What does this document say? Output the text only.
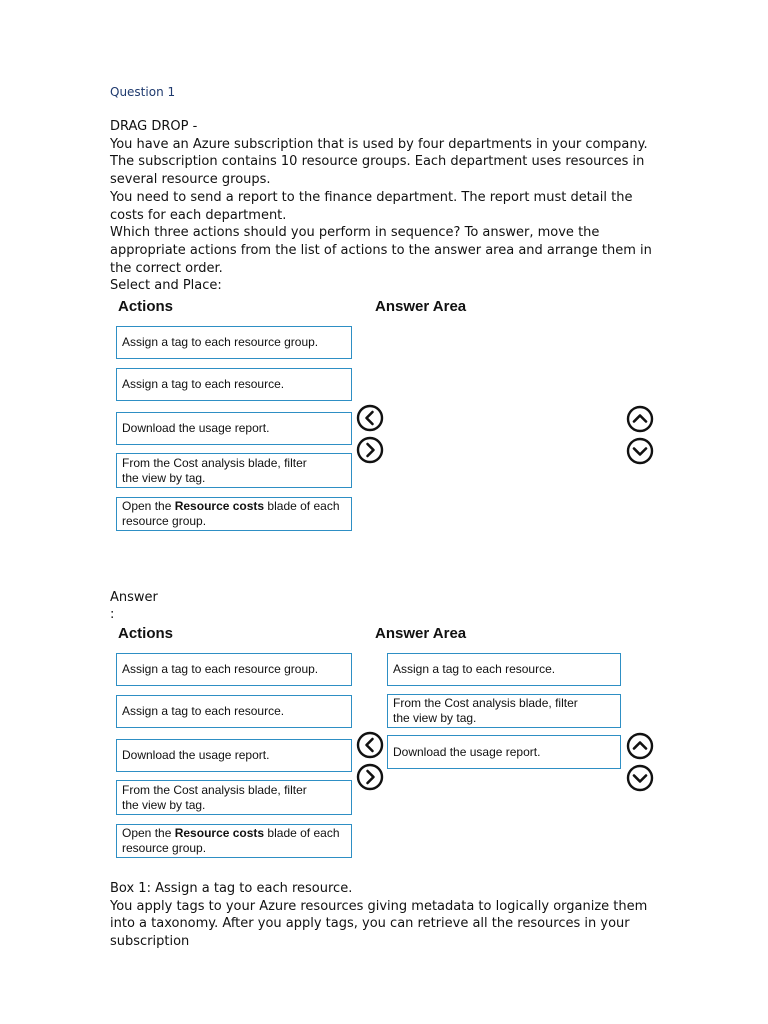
Question 1

DRAG DROP -

You have an Azure subscription that is used by four departments in your company. The subscription contains 10 resource groups. Each department uses resources in several resource groups.

You need to send a report to the finance department. The report must detail the costs for each department.

Which three actions should you perform in sequence? To answer, move the appropriate actions from the list of actions to the answer area and arrange them in the correct order.

Select and Place:

Actions	Answer Area
Assign a tag to each resource group.
Assign a tag to each resource.
Download the usage report.
From the Cost analysis blade, filter the view by tag.
Open the Resource costs blade of each resource group.
Answer
:
Actions	Answer Area
Assign a tag to each resource group.
Assign a tag to each resource.
Download the usage report.
From the Cost analysis blade, filter the view by tag.
Open the Resource costs blade of each resource group.
Assign a tag to each resource.
From the Cost analysis blade, filter the view by tag.
Download the usage report.

Box 1: Assign a tag to each resource.

You apply tags to your Azure resources giving metadata to logically organize them into a taxonomy. After you apply tags, you can retrieve all the resources in your subscription
